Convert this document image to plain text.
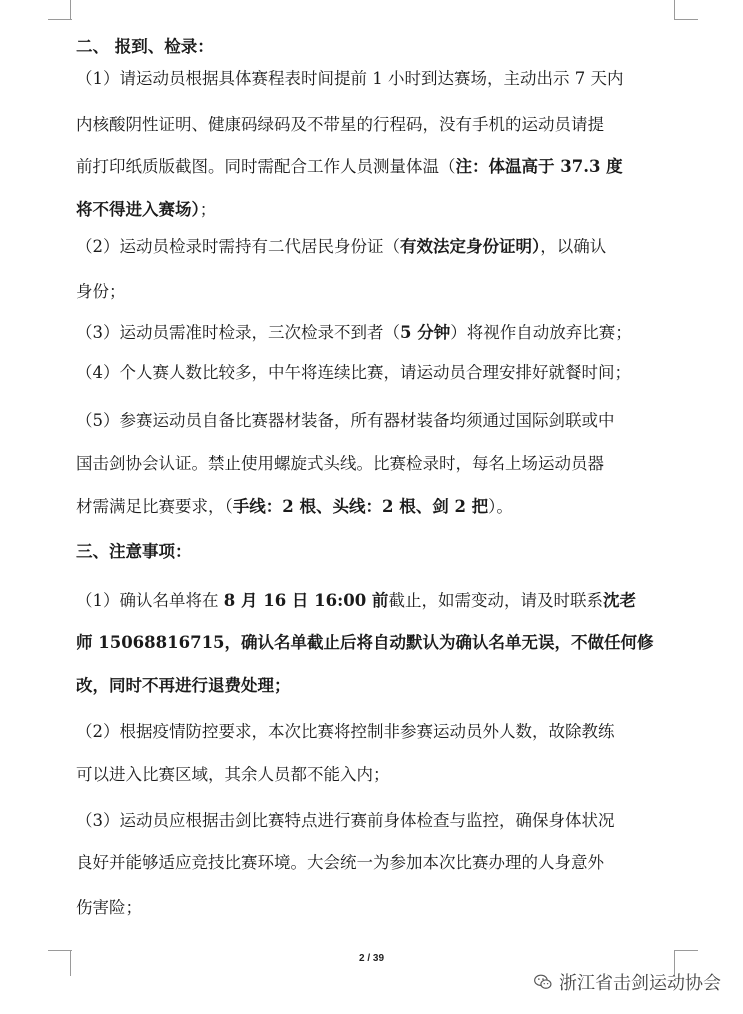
二、 报到、检录：
（1）请运动员根据具体赛程表时间提前 1 小时到达赛场，主动出示 7 天内
内核酸阴性证明、健康码绿码及不带星的行程码，没有手机的运动员请提
前打印纸质版截图。同时需配合工作人员测量体温（注：体温高于 37.3 度
将不得进入赛场）；
（2）运动员检录时需持有二代居民身份证（有效法定身份证明），以确认
身份；
（3）运动员需准时检录，三次检录不到者（5 分钟）将视作自动放弃比赛；
（4）个人赛人数比较多，中午将连续比赛，请运动员合理安排好就餐时间；
（5）参赛运动员自备比赛器材装备，所有器材装备均须通过国际剑联或中
国击剑协会认证。禁止使用螺旋式头线。比赛检录时，每名上场运动员器
材需满足比赛要求，（手线：2 根、头线：2 根、剑 2 把）。
三、注意事项：
（1）确认名单将在 8 月 16 日 16:00 前截止，如需变动，请及时联系沈老
师 15068816715，确认名单截止后将自动默认为确认名单无误，不做任何修
改，同时不再进行退费处理；
（2）根据疫情防控要求，本次比赛将控制非参赛运动员外人数，故除教练
可以进入比赛区域，其余人员都不能入内；
（3）运动员应根据击剑比赛特点进行赛前身体检查与监控，确保身体状况
良好并能够适应竞技比赛环境。大会统一为参加本次比赛办理的人身意外
伤害险；
2 / 39
浙江省击剑运动协会
